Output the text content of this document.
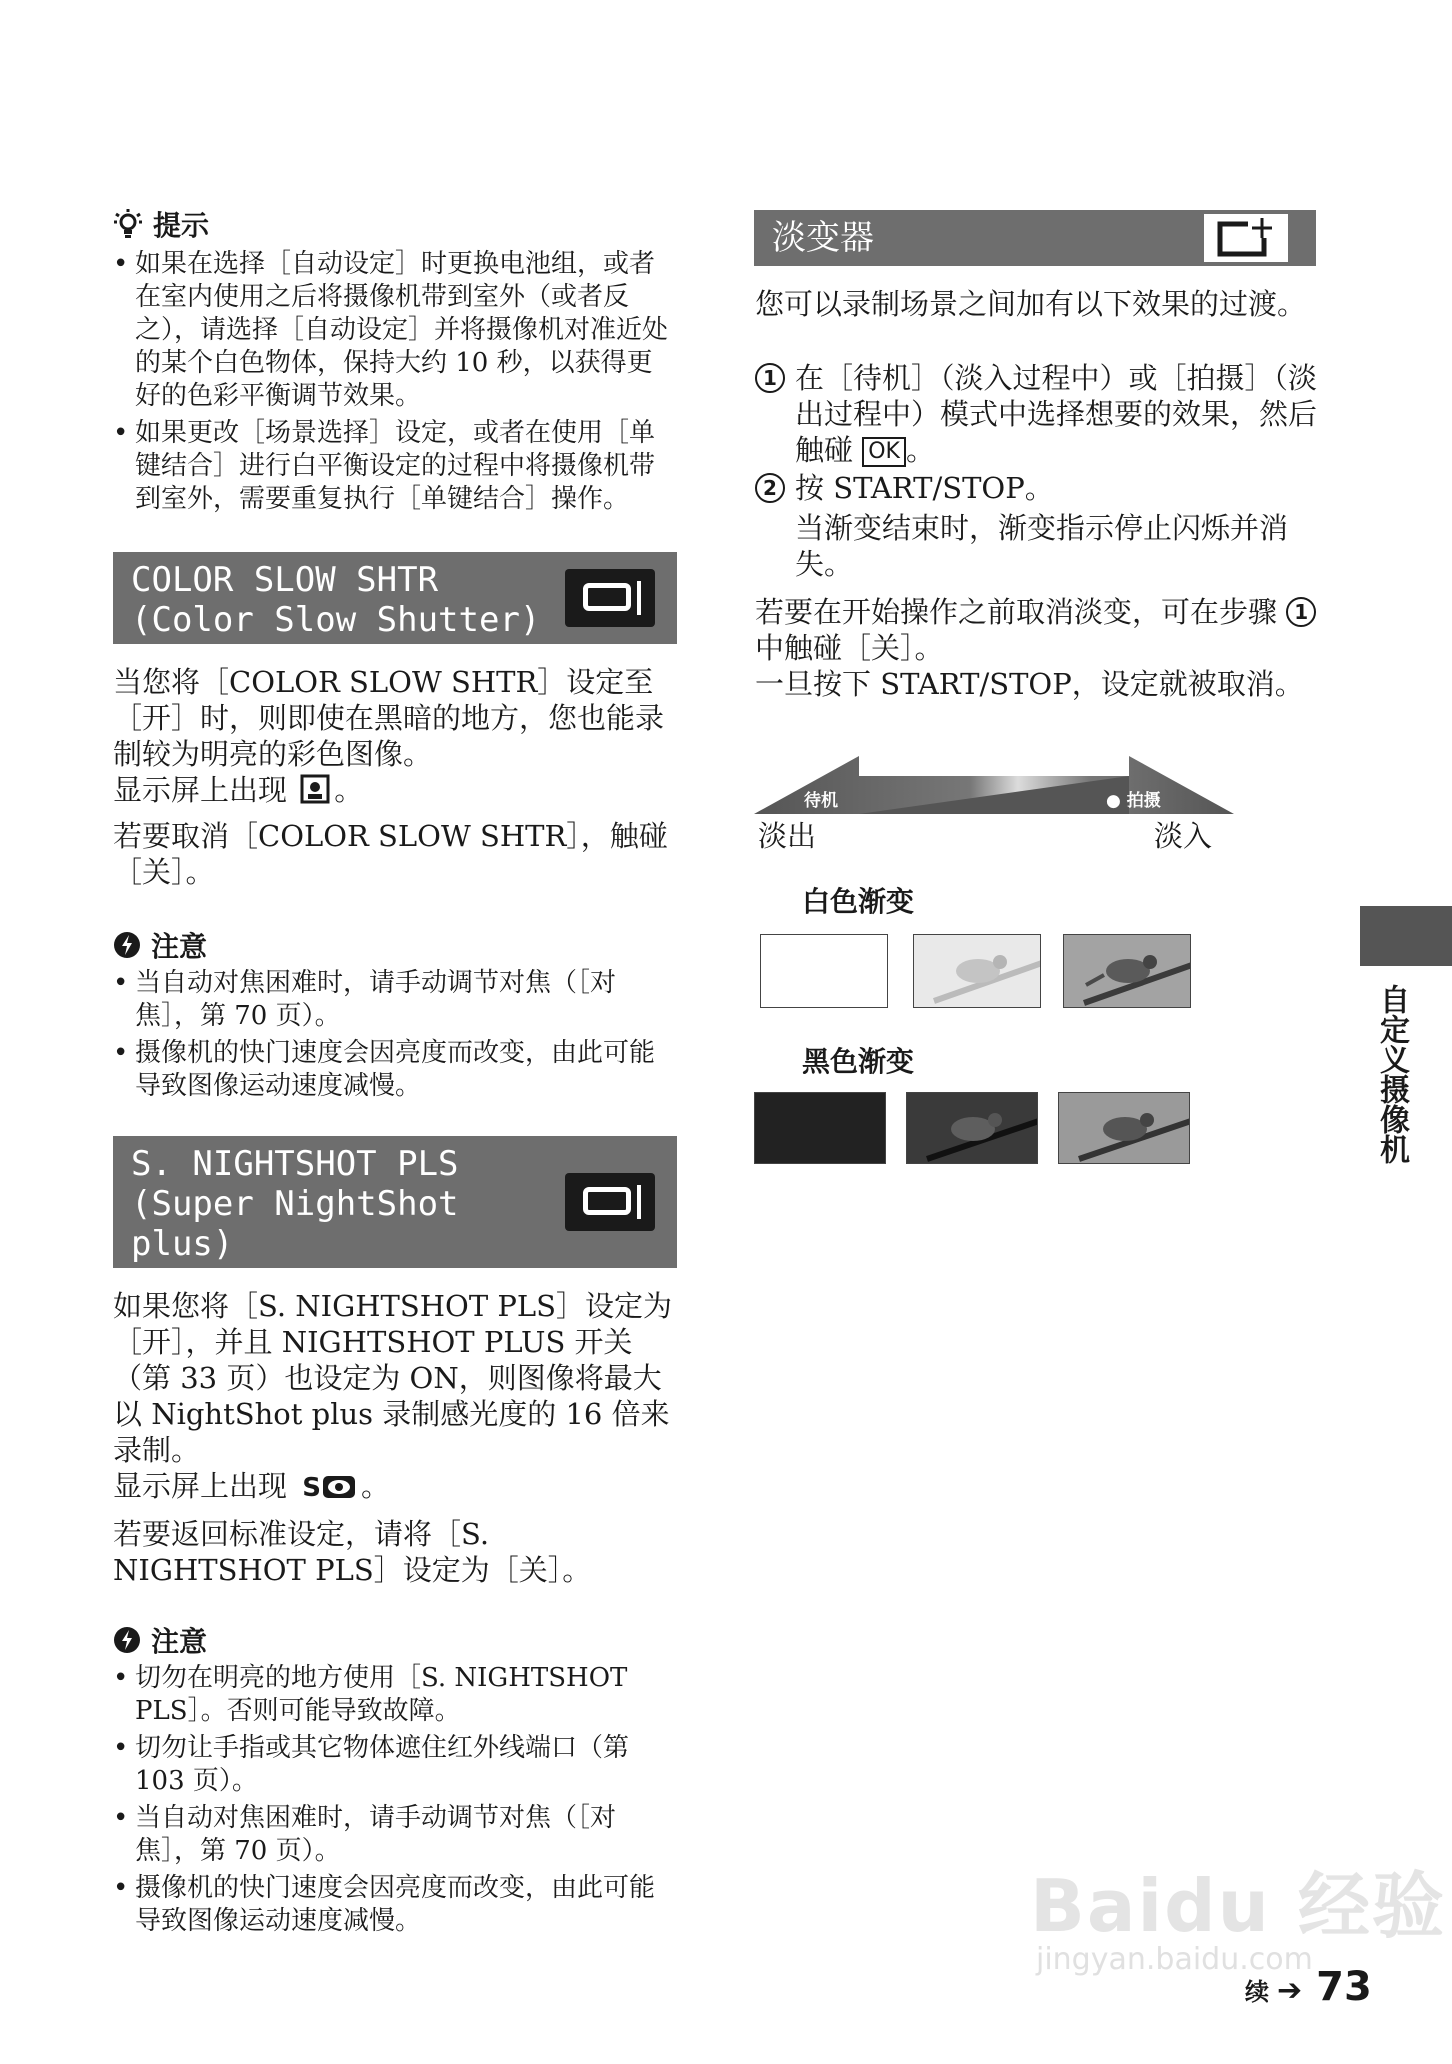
提示
• 如果在选择［自动设定］时更换电池组，或者在室内使用之后将摄像机带到室外（或者反之），请选择［自动设定］并将摄像机对准近处的某个白色物体，保持大约 10 秒，以获得更好的色彩平衡调节效果。
• 如果更改［场景选择］设定，或者在使用［单键结合］进行白平衡设定的过程中将摄像机带到室外，需要重复执行［单键结合］操作。
COLOR SLOW SHTR
(Color Slow Shutter)

当您将［COLOR SLOW SHTR］设定至［开］时，则即使在黑暗的地方，您也能录制较为明亮的彩色图像。

显示屏上出现 。

若要取消［COLOR SLOW SHTR］，触碰［关］。

注意
• 当自动对焦困难时，请手动调节对焦（［对焦］，第 70 页）。
• 摄像机的快门速度会因亮度而改变，由此可能导致图像运动速度减慢。
S. NIGHTSHOT PLS
(Super NightShot
plus)

如果您将［S. NIGHTSHOT PLS］设定为［开］，并且 NIGHTSHOT PLUS 开关（第 33 页）也设定为 ON，则图像将最大以 NightShot plus 录制感光度的 16 倍来录制。

显示屏上出现 S 。

若要返回标准设定，请将［S. NIGHTSHOT PLS］设定为［关］。

注意
• 切勿在明亮的地方使用［S. NIGHTSHOT PLS］。否则可能导致故障。
• 切勿让手指或其它物体遮住红外线端口（第 103 页）。
• 当自动对焦困难时，请手动调节对焦（［对焦］，第 70 页）。
• 摄像机的快门速度会因亮度而改变，由此可能导致图像运动速度减慢。
淡变器

您可以录制场景之间加有以下效果的过渡。

1 在［待机］（淡入过程中）或［拍摄］（淡出过程中）模式中选择想要的效果，然后触碰 OK 。
2 按 START/STOP。
当渐变结束时，渐变指示停止闪烁并消失。

若要在开始操作之前取消淡变，可在步骤 1 中触碰［关］。
一旦按下 START/STOP，设定就被取消。

待机	● 拍摄
淡出	淡入
白色渐变
黑色渐变	自定义摄像机
Baidu 经验
jingyan.baidu.com
续 ➔ 73
